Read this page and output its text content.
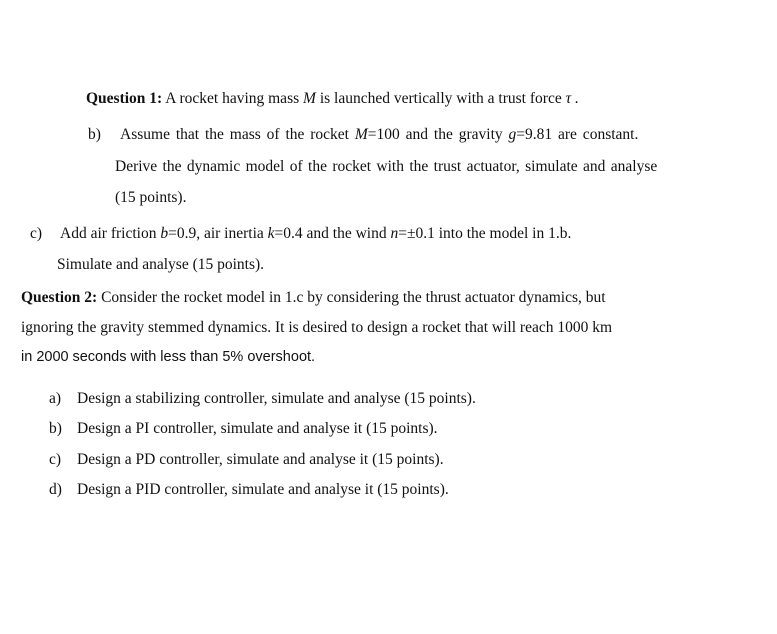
Question 1: A rocket having mass M is launched vertically with a trust force τ .
b) Assume that the mass of the rocket M=100 and the gravity g=9.81 are constant.
Derive the dynamic model of the rocket with the trust actuator, simulate and analyse
(15 points).
c) Add air friction b=0.9, air inertia k=0.4 and the wind n=±0.1 into the model in 1.b.
Simulate and analyse (15 points).
Question 2: Consider the rocket model in 1.c by considering the thrust actuator dynamics, but
ignoring the gravity stemmed dynamics. It is desired to design a rocket that will reach 1000 km
in 2000 seconds with less than 5% overshoot.
a) Design a stabilizing controller, simulate and analyse (15 points).
b) Design a PI controller, simulate and analyse it (15 points).
c) Design a PD controller, simulate and analyse it (15 points).
d) Design a PID controller, simulate and analyse it (15 points).
